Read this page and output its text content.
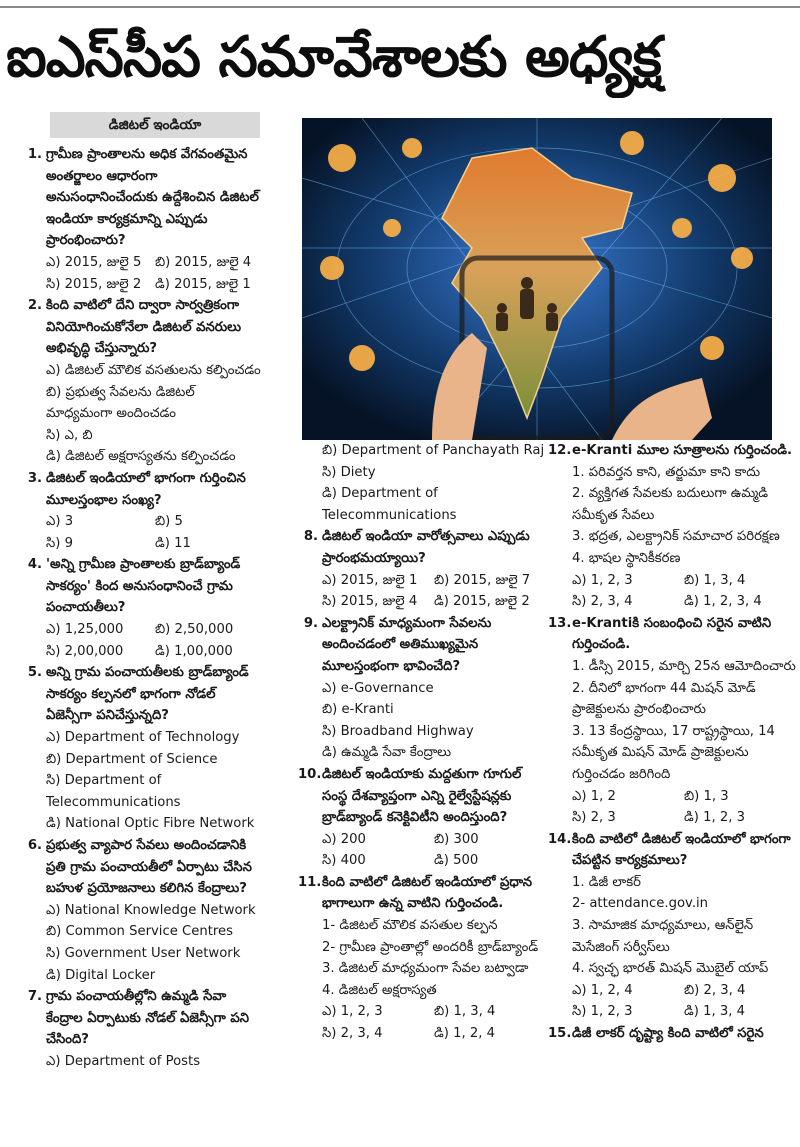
ఐఎస్‌సీప సమావేశాలకు అధ్యక్ష
డిజిటల్ ఇండియా
1. గ్రామీణ ప్రాంతాలను అధిక వేగవంతమైన అంతర్జాలం ఆధారంగా అనుసంధానించేందుకు ఉద్దేశించిన డిజిటల్ ఇండియా కార్యక్రమాన్ని ఎప్పుడు ప్రారంభించారు?
ఎ) 2015, జులై 5	బి) 2015, జులై 4
సి) 2015, జులై 2	డి) 2015, జులై 1
2. కింది వాటిలో దేని ద్వారా సార్వత్రికంగా వినియోగించుకోనేలా డిజిటల్ వనరులు అభివృద్ధి చేస్తున్నారు?
ఎ) డిజిటల్ మౌలిక వసతులను కల్పించడం
బి) ప్రభుత్వ సేవలను డిజిటల్ మాధ్యమంగా అందించడం
సి) ఎ, బి
డి) డిజిటల్ అక్షరాస్యతను కల్పించడం
3. డిజిటల్ ఇండియాలో భాగంగా గుర్తించిన మూలస్తంభాల సంఖ్య?
ఎ) 3	బి) 5
సి) 9	డి) 11
4. 'అన్ని గ్రామీణ ప్రాంతాలకు బ్రాడ్‌బ్యాండ్ సాకర్యం' కింద అనుసంధానించే గ్రామ పంచాయతీలు?
ఎ) 1,25,000	బి) 2,50,000
సి) 2,00,000	డి) 1,00,000
5. అన్ని గ్రామ పంచాయతీలకు బ్రాడ్‌బ్యాండ్ సాకర్యం కల్పనలో భాగంగా నోడల్ ఏజెన్సీగా పనిచేస్తున్నది?
ఎ) Department of Technology
బి) Department of Science
సి) Department of Telecommunications
డి) National Optic Fibre Network
6. ప్రభుత్వ వ్యాపార సేవలు అందించడానికి ప్రతి గ్రామ పంచాయతీలో ఏర్పాటు చేసిన బహుళ ప్రయోజనాలు కలిగిన కేంద్రాలు?
ఎ) National Knowledge Network
బి) Common Service Centres
సి) Government User Network
డి) Digital Locker
7. గ్రామ పంచాయతీల్లోని ఉమ్మడి సేవా కేంద్రాల ఏర్పాటుకు నోడల్ ఏజెన్సీగా పని చేసింది?
ఎ) Department of Posts
బి) Department of Panchayath Raj
సి) Diety
డి) Department of Telecommunications
8. డిజిటల్ ఇండియా వారోత్సవాలు ఎప్పుడు ప్రారంభమయ్యాయి?
ఎ) 2015, జులై 1	బి) 2015, జులై 7
సి) 2015, జులై 4	డి) 2015, జులై 2
9. ఎలక్ట్రానిక్ మాధ్యమంగా సేవలను అందించడంలో అతిముఖ్యమైన మూలస్తంభంగా భావించేది?
ఎ) e-Governance
బి) e-Kranti
సి) Broadband Highway
డి) ఉమ్మడి సేవా కేంద్రాలు
10. డిజిటల్ ఇండియాకు మద్దతుగా గూగుల్ సంస్థ దేశవ్యాప్తంగా ఎన్ని రైల్వేస్టేషన్లకు బ్రాడ్‌బ్యాండ్ కనెక్టివిటీని అందిస్తుంది?
ఎ) 200	బి) 300
సి) 400	డి) 500
11. కింది వాటిలో డిజిటల్ ఇండియాలో ప్రధాన భాగాలుగా ఉన్న వాటిని గుర్తించండి.
1- డిజిటల్ మౌలిక వసతుల కల్పన
2- గ్రామీణ ప్రాంతాల్లో అందరికీ బ్రాడ్‌బ్యాండ్
3. డిజిటల్ మాధ్యమంగా సేవల బట్వాడా
4. డిజిటల్ అక్షరాస్యత
ఎ) 1, 2, 3	బి) 1, 3, 4
సి) 2, 3, 4	డి) 1, 2, 4
12. e-Kranti మూల సూత్రాలను గుర్తించండి.
1. పరివర్తన కాని, తర్జుమా కాని కాదు
2. వ్యక్తిగత సేవలకు బదులుగా ఉమ్మడి సమీకృత సేవలు
3. భద్రత, ఎలక్ట్రానిక్ సమాచార పరిరక్షణ
4. భాషల స్థానికీకరణ
ఎ) 1, 2, 3	బి) 1, 3, 4
సి) 2, 3, 4	డి) 1, 2, 3, 4
13. e-Krantiకి సంబంధించి సరైన వాటిని గుర్తించండి.
1. డీస్సి 2015, మార్చి 25న ఆమోదించారు
2. దీనిలో భాగంగా 44 మిషన్ మోడ్ ప్రాజెక్టులను ప్రారంభించారు
3. 13 కేంద్రస్థాయి, 17 రాష్ట్రస్థాయి, 14 సమీకృత మిషన్ మోడ్ ప్రాజెక్టులను గుర్తించడం జరిగింది
ఎ) 1, 2	బి) 1, 3
సి) 2, 3	డి) 1, 2, 3
14. కింది వాటిలో డిజిటల్ ఇండియాలో భాగంగా చేపట్టిన కార్యక్రమాలు?
1. డిజీ లాకర్
2- attendance.gov.in
3. సామాజిక మాధ్యమాలు, ఆన్‌లైన్ మెసేజింగ్ సర్వీస్‌లు
4. స్వచ్ఛ భారత్ మిషన్ మొబైల్ యాప్
ఎ) 1, 2, 4	బి) 2, 3, 4
సి) 1, 2, 3	డి) 1, 3, 4
15. డిజీ లాకర్ దృష్ట్యా కింది వాటిలో సరైన
